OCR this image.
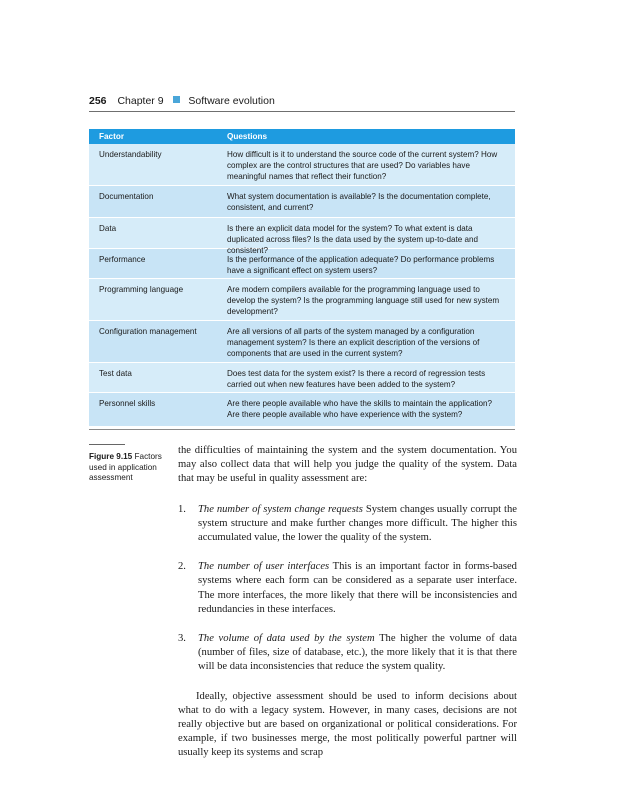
256 Chapter 9 Software evolution
Factor	Questions
Understandability	How difficult is it to understand the source code of the current system? How complex are the control structures that are used? Do variables have meaningful names that reflect their function?
Documentation	What system documentation is available? Is the documentation complete, consistent, and current?
Data	Is there an explicit data model for the system? To what extent is data duplicated across files? Is the data used by the system up-to-date and consistent?
Performance	Is the performance of the application adequate? Do performance problems have a significant effect on system users?
Programming language	Are modern compilers available for the programming language used to develop the system? Is the programming language still used for new system development?
Configuration management	Are all versions of all parts of the system managed by a configuration management system? Is there an explicit description of the versions of components that are used in the current system?
Test data	Does test data for the system exist? Is there a record of regression tests carried out when new features have been added to the system?
Personnel skills	Are there people available who have the skills to maintain the application? Are there people available who have experience with the system?
Figure 9.15 Factors used in application assessment

the difficulties of maintaining the system and the system documentation. You may also collect data that will help you judge the quality of the system. Data that may be useful in quality assessment are:

1.	The number of system change requests System changes usually corrupt the system structure and make further changes more difficult. The higher this accumulated value, the lower the quality of the system.
2.	The number of user interfaces This is an important factor in forms-based systems where each form can be considered as a separate user interface. The more interfaces, the more likely that there will be inconsistencies and redundancies in these interfaces.
3.	The volume of data used by the system The higher the volume of data (number of files, size of database, etc.), the more likely that it is that there will be data inconsistencies that reduce the system quality.

Ideally, objective assessment should be used to inform decisions about what to do with a legacy system. However, in many cases, decisions are not really objective but are based on organizational or political considerations. For example, if two businesses merge, the most politically powerful partner will usually keep its systems and scrap
